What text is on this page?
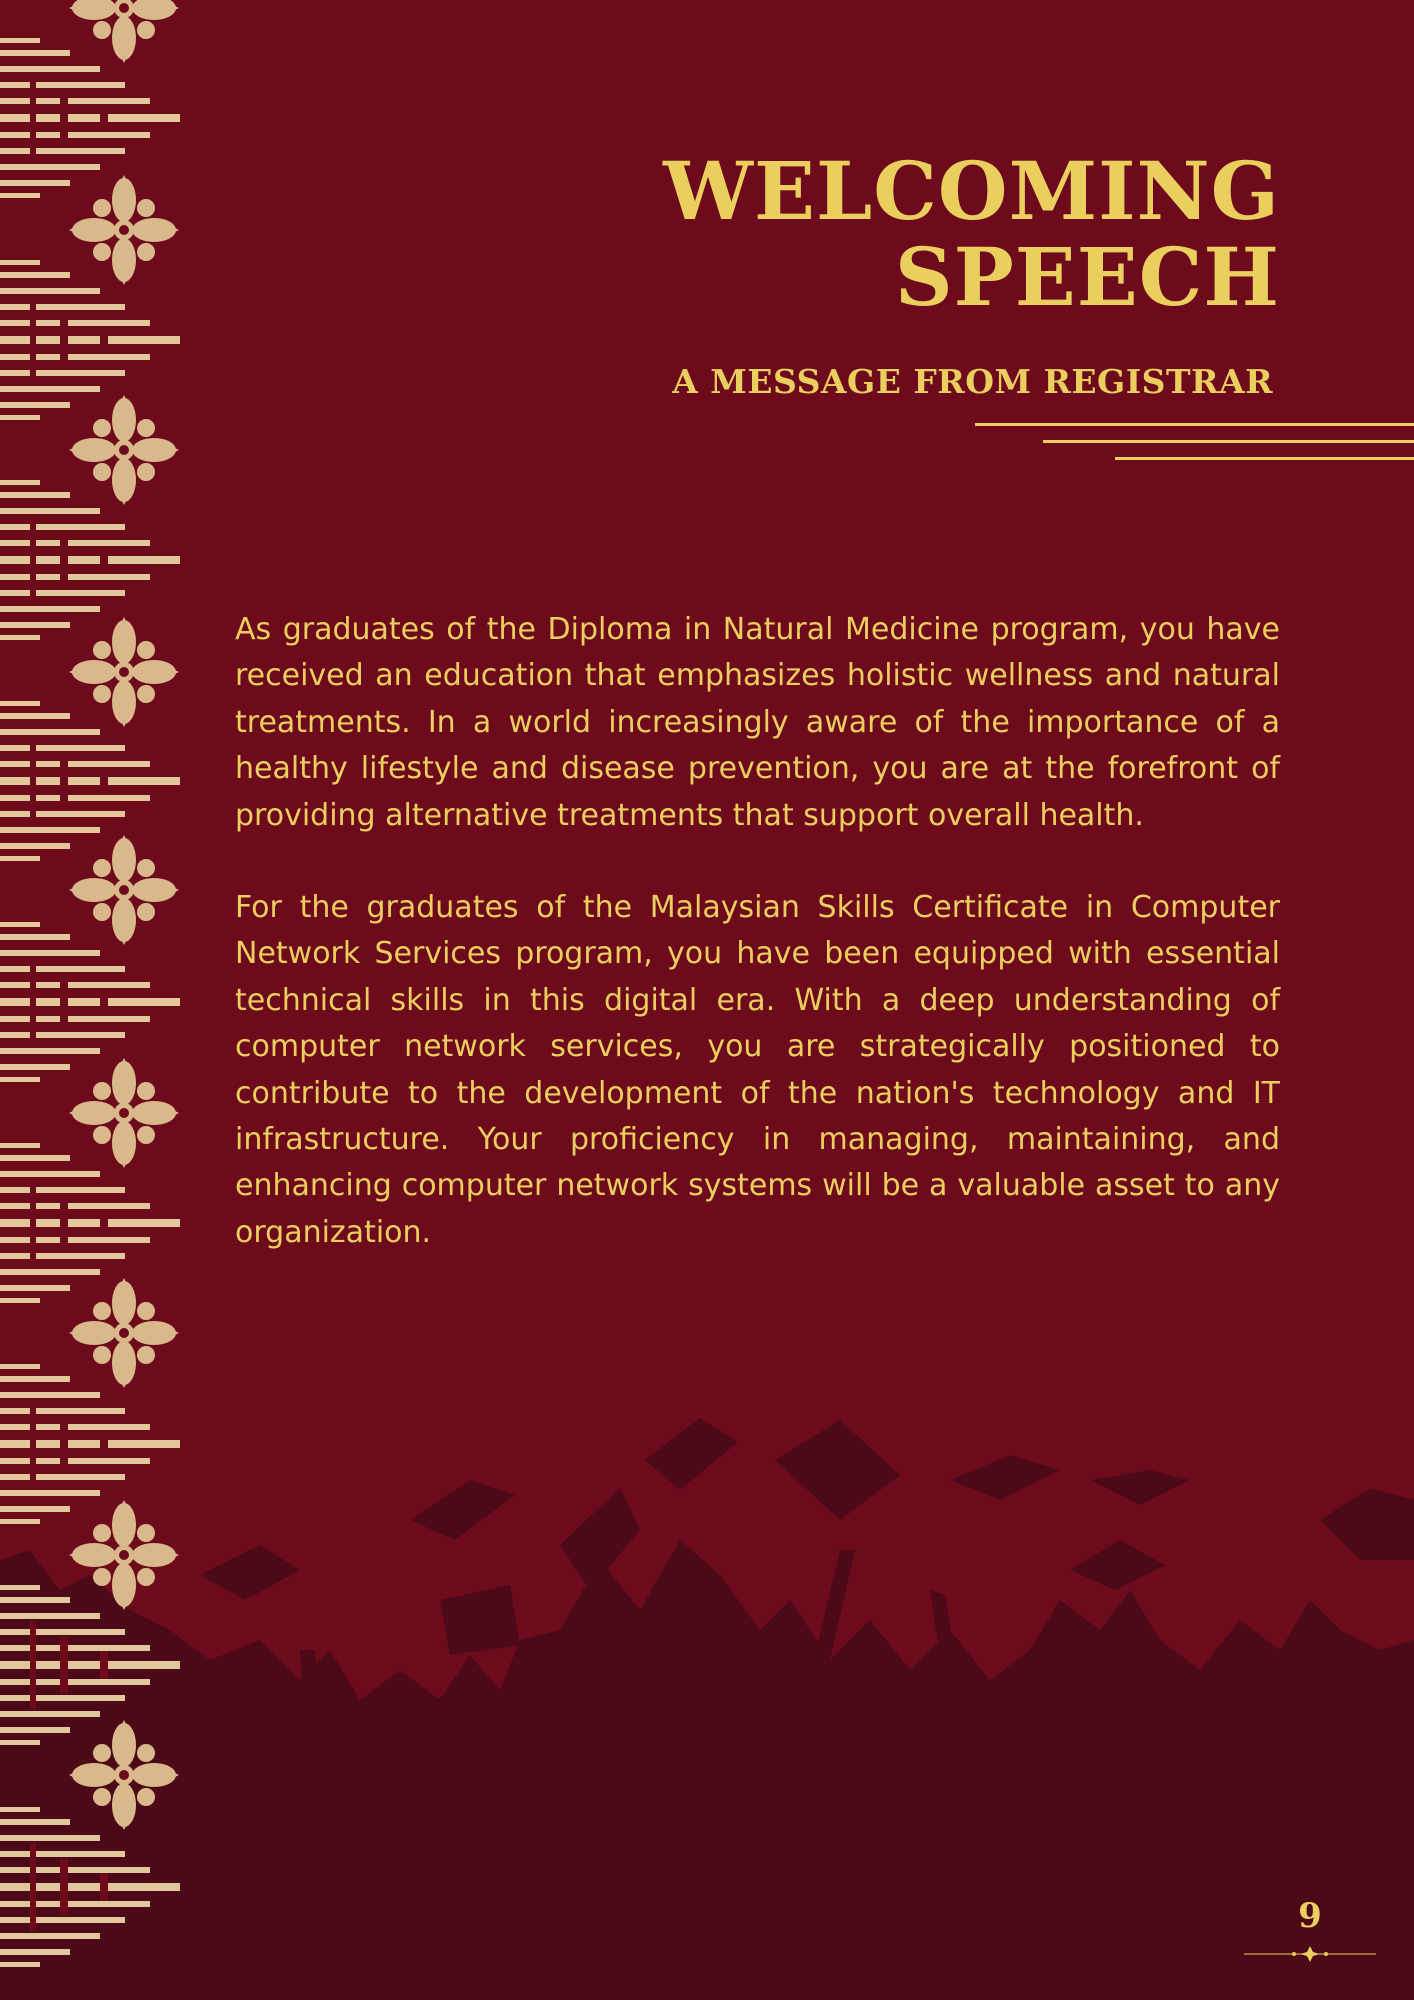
WELCOMING
SPEECH
A MESSAGE FROM REGISTRAR

As graduates of the Diploma in Natural Medicine program, you have received an education that emphasizes holistic wellness and natural treatments. In a world increasingly aware of the importance of a healthy lifestyle and disease prevention, you are at the forefront of providing alternative treatments that support overall health.

For the graduates of the Malaysian Skills Certificate in Computer Network Services program, you have been equipped with essential technical skills in this digital era. With a deep understanding of computer network services, you are strategically positioned to contribute to the development of the nation's technology and IT infrastructure. Your proficiency in managing, maintaining, and enhancing computer network systems will be a valuable asset to any organization.

9
